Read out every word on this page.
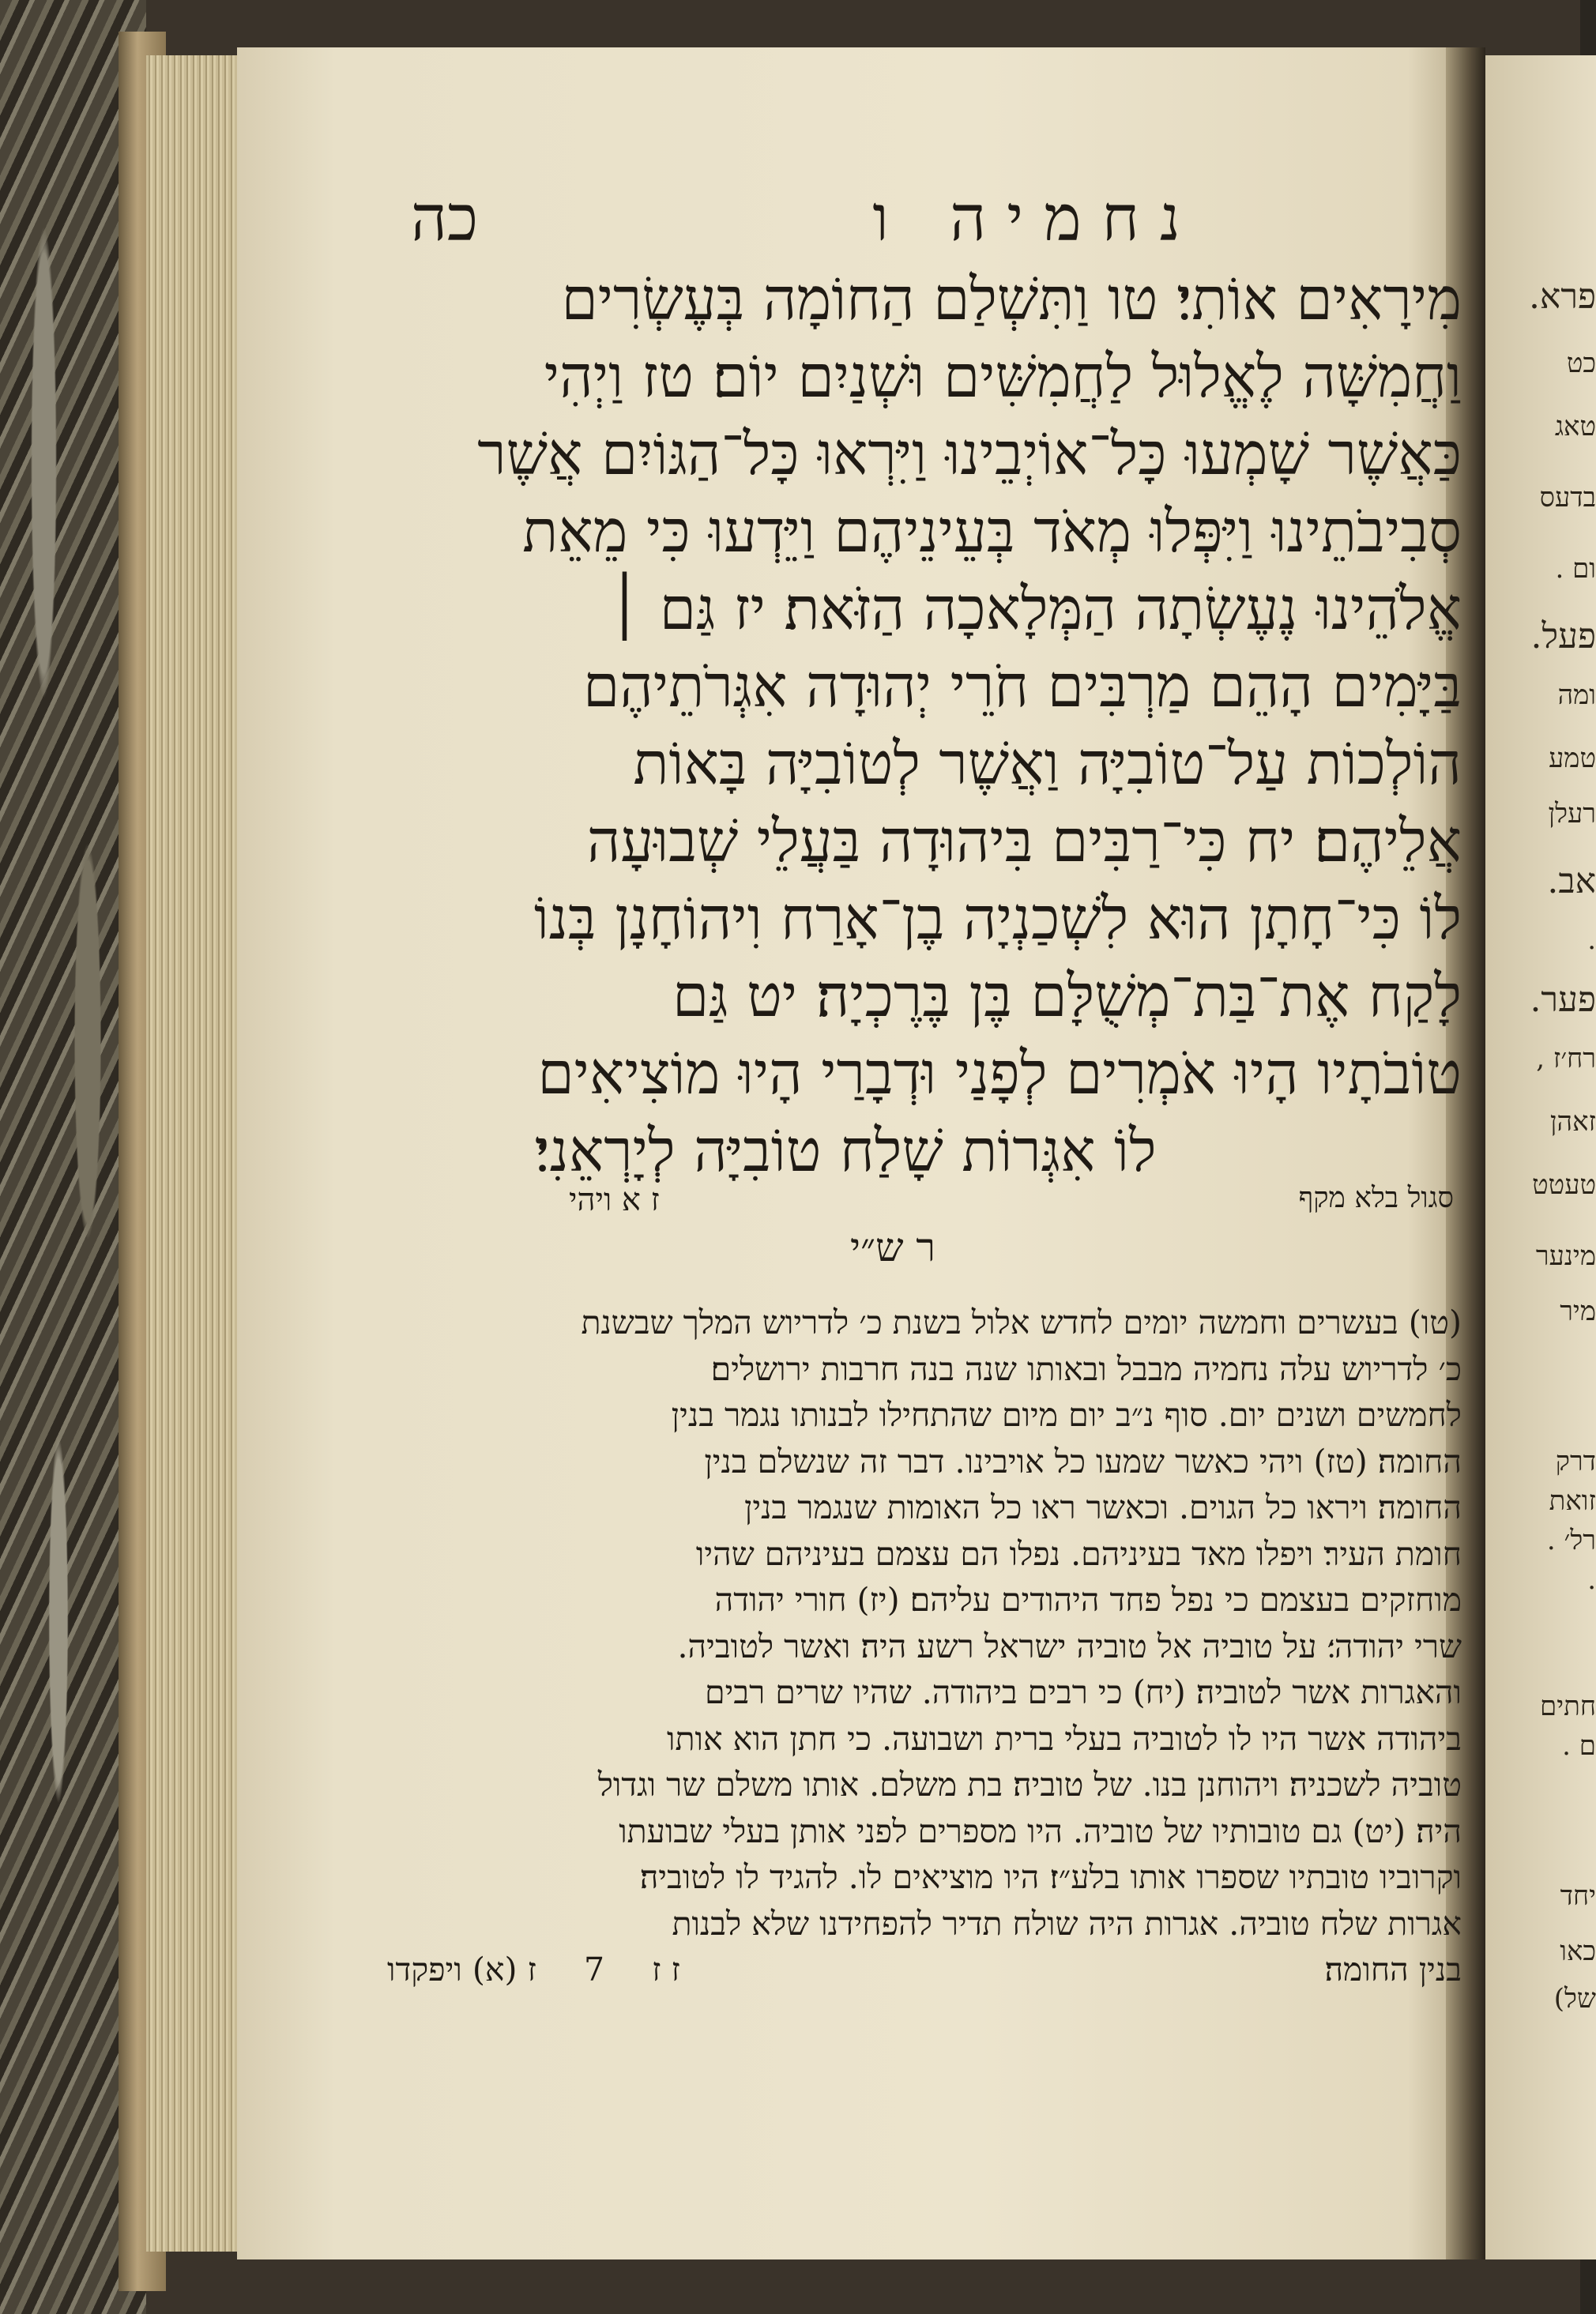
פרא.
כט
טאג
בדעס
ום .
פעל.
ומה
טמע
רעלן
אב.
.
פער.
רח׳ז ,
זאהן
טעטט
מינער
מיר
דרק
זואת
רל׳ .
.
חתים
ם .
יחד
כאו
של)
נחמיה ו
כה
מִירָאִים אוֹתִי׃ טו וַתִּשְׁלַם הַחוֹמָה בְּעֶשְׂרִים
וַחֲמִשָּׁה לֶאֱלוּל לַחֲמִשִּׁים וּשְׁנַיִם יוֹם׃ טז וַיְהִי
כַּאֲשֶׁר שָׁמְעוּ כָּל־אוֹיְבֵינוּ וַיִּרְאוּ כָּל־הַגּוֹיִם אֲשֶׁר
סְבִיבֹתֵינוּ וַיִּפְּלוּ מְאֹד בְּעֵינֵיהֶם וַיֵּדְעוּ כִּי מֵאֵת
אֱלֹהֵינוּ נֶעֶשְׂתָה הַמְּלָאכָה הַזֹּאת׃ יז גַּם ׀
בַּיָּמִים הָהֵם מַרְבִּים חֹרֵי יְהוּדָה אִגְּרֹתֵיהֶם
הוֹלְכוֹת עַל־טוֹבִיָּה וַאֲשֶׁר לְטוֹבִיָּה בָּאוֹת
אֲלֵיהֶם׃ יח כִּי־רַבִּים בִּיהוּדָה בַּעֲלֵי שְׁבוּעָה
לוֹ כִּי־חָתָן הוּא לִשְׁכַנְיָה בֶן־אָרַח וִיהוֹחָנָן בְּנוֹ
לָקַח אֶת־בַּת־מְשֻׁלָּם בֶּן בֶּרֶכְיָה׃ יט גַּם
טוֹבֹתָיו הָיוּ אֹמְרִים לְפָנַי וּדְבָרַי הָיוּ מוֹצִיאִים
לוֹ אִגְּרוֹת שָׁלַח טוֹבִיָּה לְיָרְאֵנִי׃
סגול בלא מקף
ז א ויהי
ר ש״י
(טו) בעשרים וחמשה יומים לחדש אלול בשנת כ׳ לדריוש המלך שבשנת
כ׳ לדריוש עלה נחמיה מבבל ובאותו שנה בנה חרבות ירושלים׃
לחמשים ושנים יום. סוף נ״ב יום מיום שהתחילו לבנותו נגמר בנין
החומה׃ (טז) ויהי כאשר שמעו כל אויבינו. דבר זה שנשלם בנין
החומה׃ ויראו כל הגוים. וכאשר ראו כל האומות שנגמר בנין
חומת העיר׃ ויפלו מאד בעיניהם. נפלו הם עצמם בעיניהם שהיו
מוחזקים בעצמם כי נפל פחד היהודים עליהם׃ (יז) חורי יהודה
שרי יהודה׳׃ על טוביה אל טוביה ישראל רשע היה׃ ואשר לטוביה.
והאגרות אשר לטוביה׃ (יח) כי רבים ביהודה. שהיו שרים רבים
ביהודה אשר היו לו לטוביה בעלי ברית ושבועה. כי חתן הוא אותו
טוביה לשכניה׃ ויהוחנן בנו. של טוביה׃ בת משלם. אותו משלם שר וגדול
היה׃ (יט) גם טובותיו של טוביה. היו מספרים לפני אותן בעלי שבועתו
וקרוביו טובתיו שספרו אותו בלע״ז׃ היו מוציאים לו. להגיד לו לטוביה׃
אגרות שלח טוביה. אגרות היה שולח תדיר להפחידנו שלא לבנות
בנין החומה׃
ז ז
7
ז (א) ויפקדו
